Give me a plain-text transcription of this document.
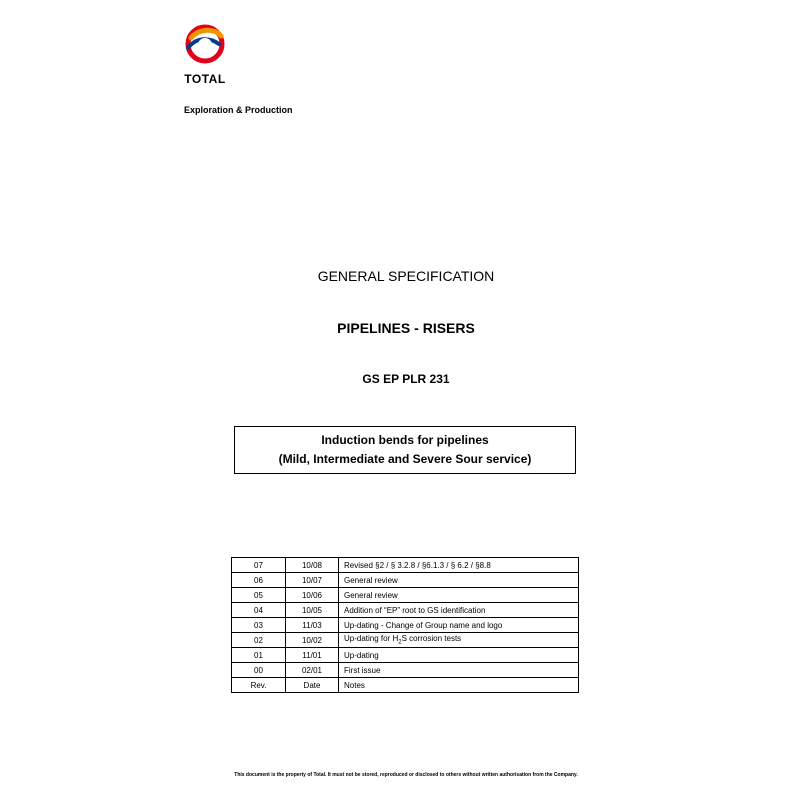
TOTAL
Exploration & Production
GENERAL SPECIFICATION
PIPELINES - RISERS
GS EP PLR 231
Induction bends for pipelines
(Mild, Intermediate and Severe Sour service)
07	10/08	Revised §2 / § 3.2.8 / §6.1.3 / § 6.2 / §8.8
06	10/07	General review
05	10/06	General review
04	10/05	Addition of “EP” root to GS identification
03	11/03	Up-dating - Change of Group name and logo
02	10/02	Up-dating for $H_2S$ corrosion tests
01	11/01	Up-dating
00	02/01	First issue
Rev.	Date	Notes
This document is the property of Total. It must not be stored, reproduced or disclosed to others without written authorisation from the Company.
